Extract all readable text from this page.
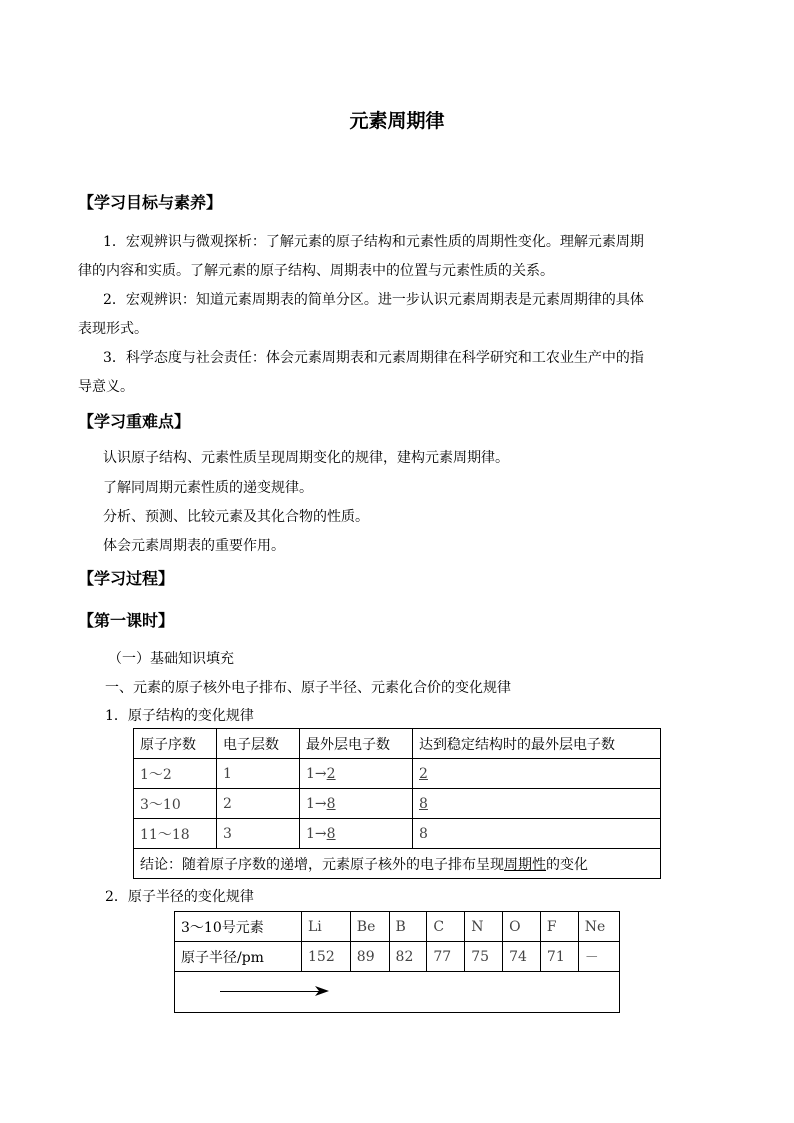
元素周期律
【学习目标与素养】
1．宏观辨识与微观探析：了解元素的原子结构和元素性质的周期性变化。理解元素周期
律的内容和实质。了解元素的原子结构、周期表中的位置与元素性质的关系。
2．宏观辨识：知道元素周期表的简单分区。进一步认识元素周期表是元素周期律的具体
表现形式。
3．科学态度与社会责任：体会元素周期表和元素周期律在科学研究和工农业生产中的指
导意义。
【学习重难点】
认识原子结构、元素性质呈现周期变化的规律，建构元素周期律。
了解同周期元素性质的递变规律。
分析、预测、比较元素及其化合物的性质。
体会元素周期表的重要作用。
【学习过程】
【第一课时】
（一）基础知识填充
一、元素的原子核外电子排布、原子半径、元素化合价的变化规律
1．原子结构的变化规律
原子序数	电子层数	最外层电子数	达到稳定结构时的最外层电子数
1～2	1	1→2	2
3～10	2	1→8	8
11～18	3	1→8	8
结论：随着原子序数的递增，元素原子核外的电子排布呈现周期性的变化			
2．原子半径的变化规律
3～10号元素	Li	Be	B	C	N	O	F	Ne
原子半径/pm	152	89	82	77	75	74	71	－
